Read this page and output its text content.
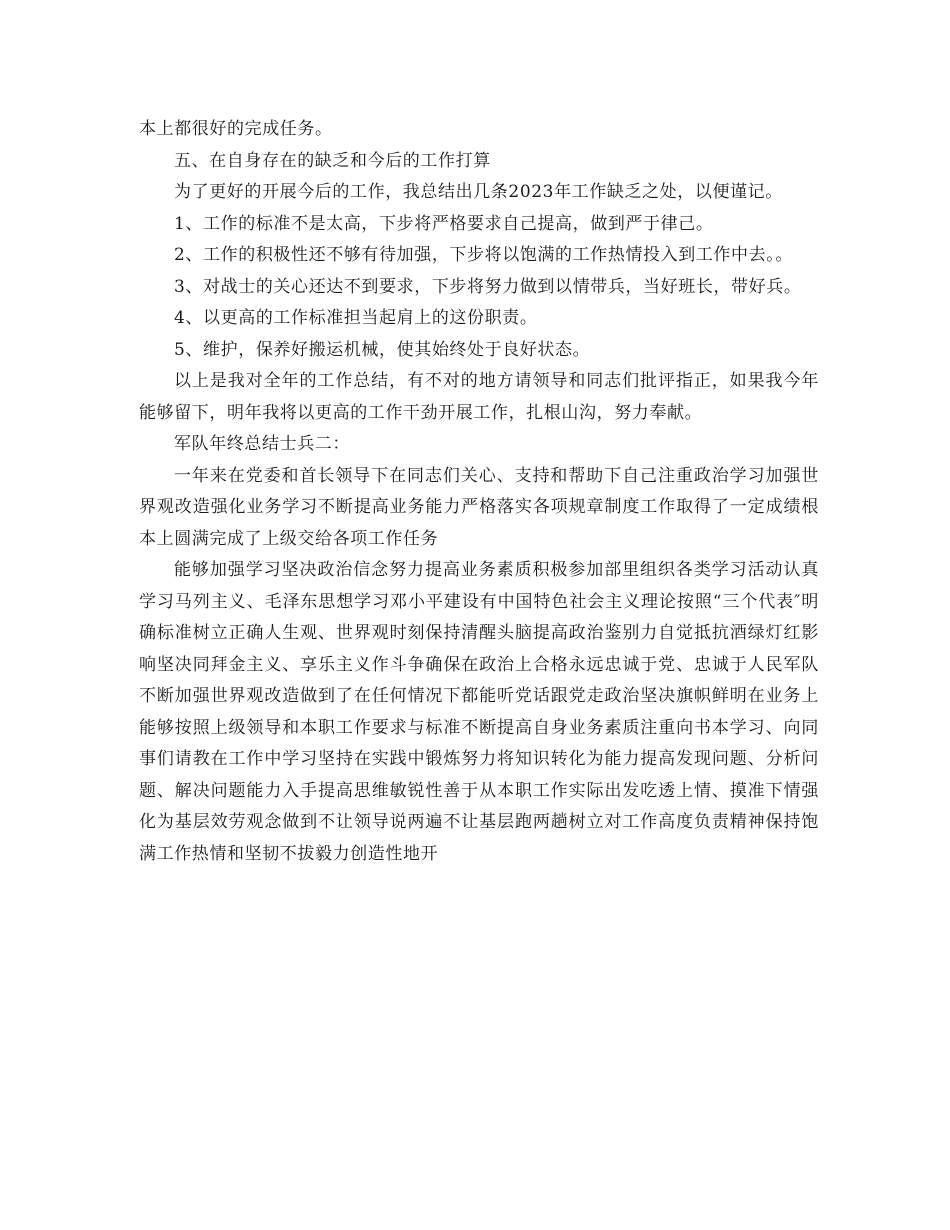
本上都很好的完成任务。

五、在自身存在的缺乏和今后的工作打算

为了更好的开展今后的工作，我总结出几条2023年工作缺乏之处，以便谨记。

1、工作的标准不是太高，下步将严格要求自己提高，做到严于律己。

2、工作的积极性还不够有待加强，下步将以饱满的工作热情投入到工作中去。。

3、对战士的关心还达不到要求，下步将努力做到以情带兵，当好班长，带好兵。

4、以更高的工作标准担当起肩上的这份职责。

5、维护，保养好搬运机械，使其始终处于良好状态。

以上是我对全年的工作总结，有不对的地方请领导和同志们批评指正，如果我今年能够留下，明年我将以更高的工作干劲开展工作，扎根山沟，努力奉献。

军队年终总结士兵二：

一年来在党委和首长领导下在同志们关心、支持和帮助下自己注重政治学习加强世界观改造强化业务学习不断提高业务能力严格落实各项规章制度工作取得了一定成绩根本上圆满完成了上级交给各项工作任务

能够加强学习坚决政治信念努力提高业务素质积极参加部里组织各类学习活动认真学习马列主义、毛泽东思想学习邓小平建设有中国特色社会主义理论按照“三个代表″明确标准树立正确人生观、世界观时刻保持清醒头脑提高政治鉴别力自觉抵抗酒绿灯红影响坚决同拜金主义、享乐主义作斗争确保在政治上合格永远忠诚于党、忠诚于人民军队不断加强世界观改造做到了在任何情况下都能听党话跟党走政治坚决旗帜鲜明在业务上能够按照上级领导和本职工作要求与标准不断提高自身业务素质注重向书本学习、向同事们请教在工作中学习坚持在实践中锻炼努力将知识转化为能力提高发现问题、分析问题、解决问题能力入手提高思维敏锐性善于从本职工作实际出发吃透上情、摸准下情强化为基层效劳观念做到不让领导说两遍不让基层跑两趟树立对工作高度负责精神保持饱满工作热情和坚韧不拔毅力创造性地开
